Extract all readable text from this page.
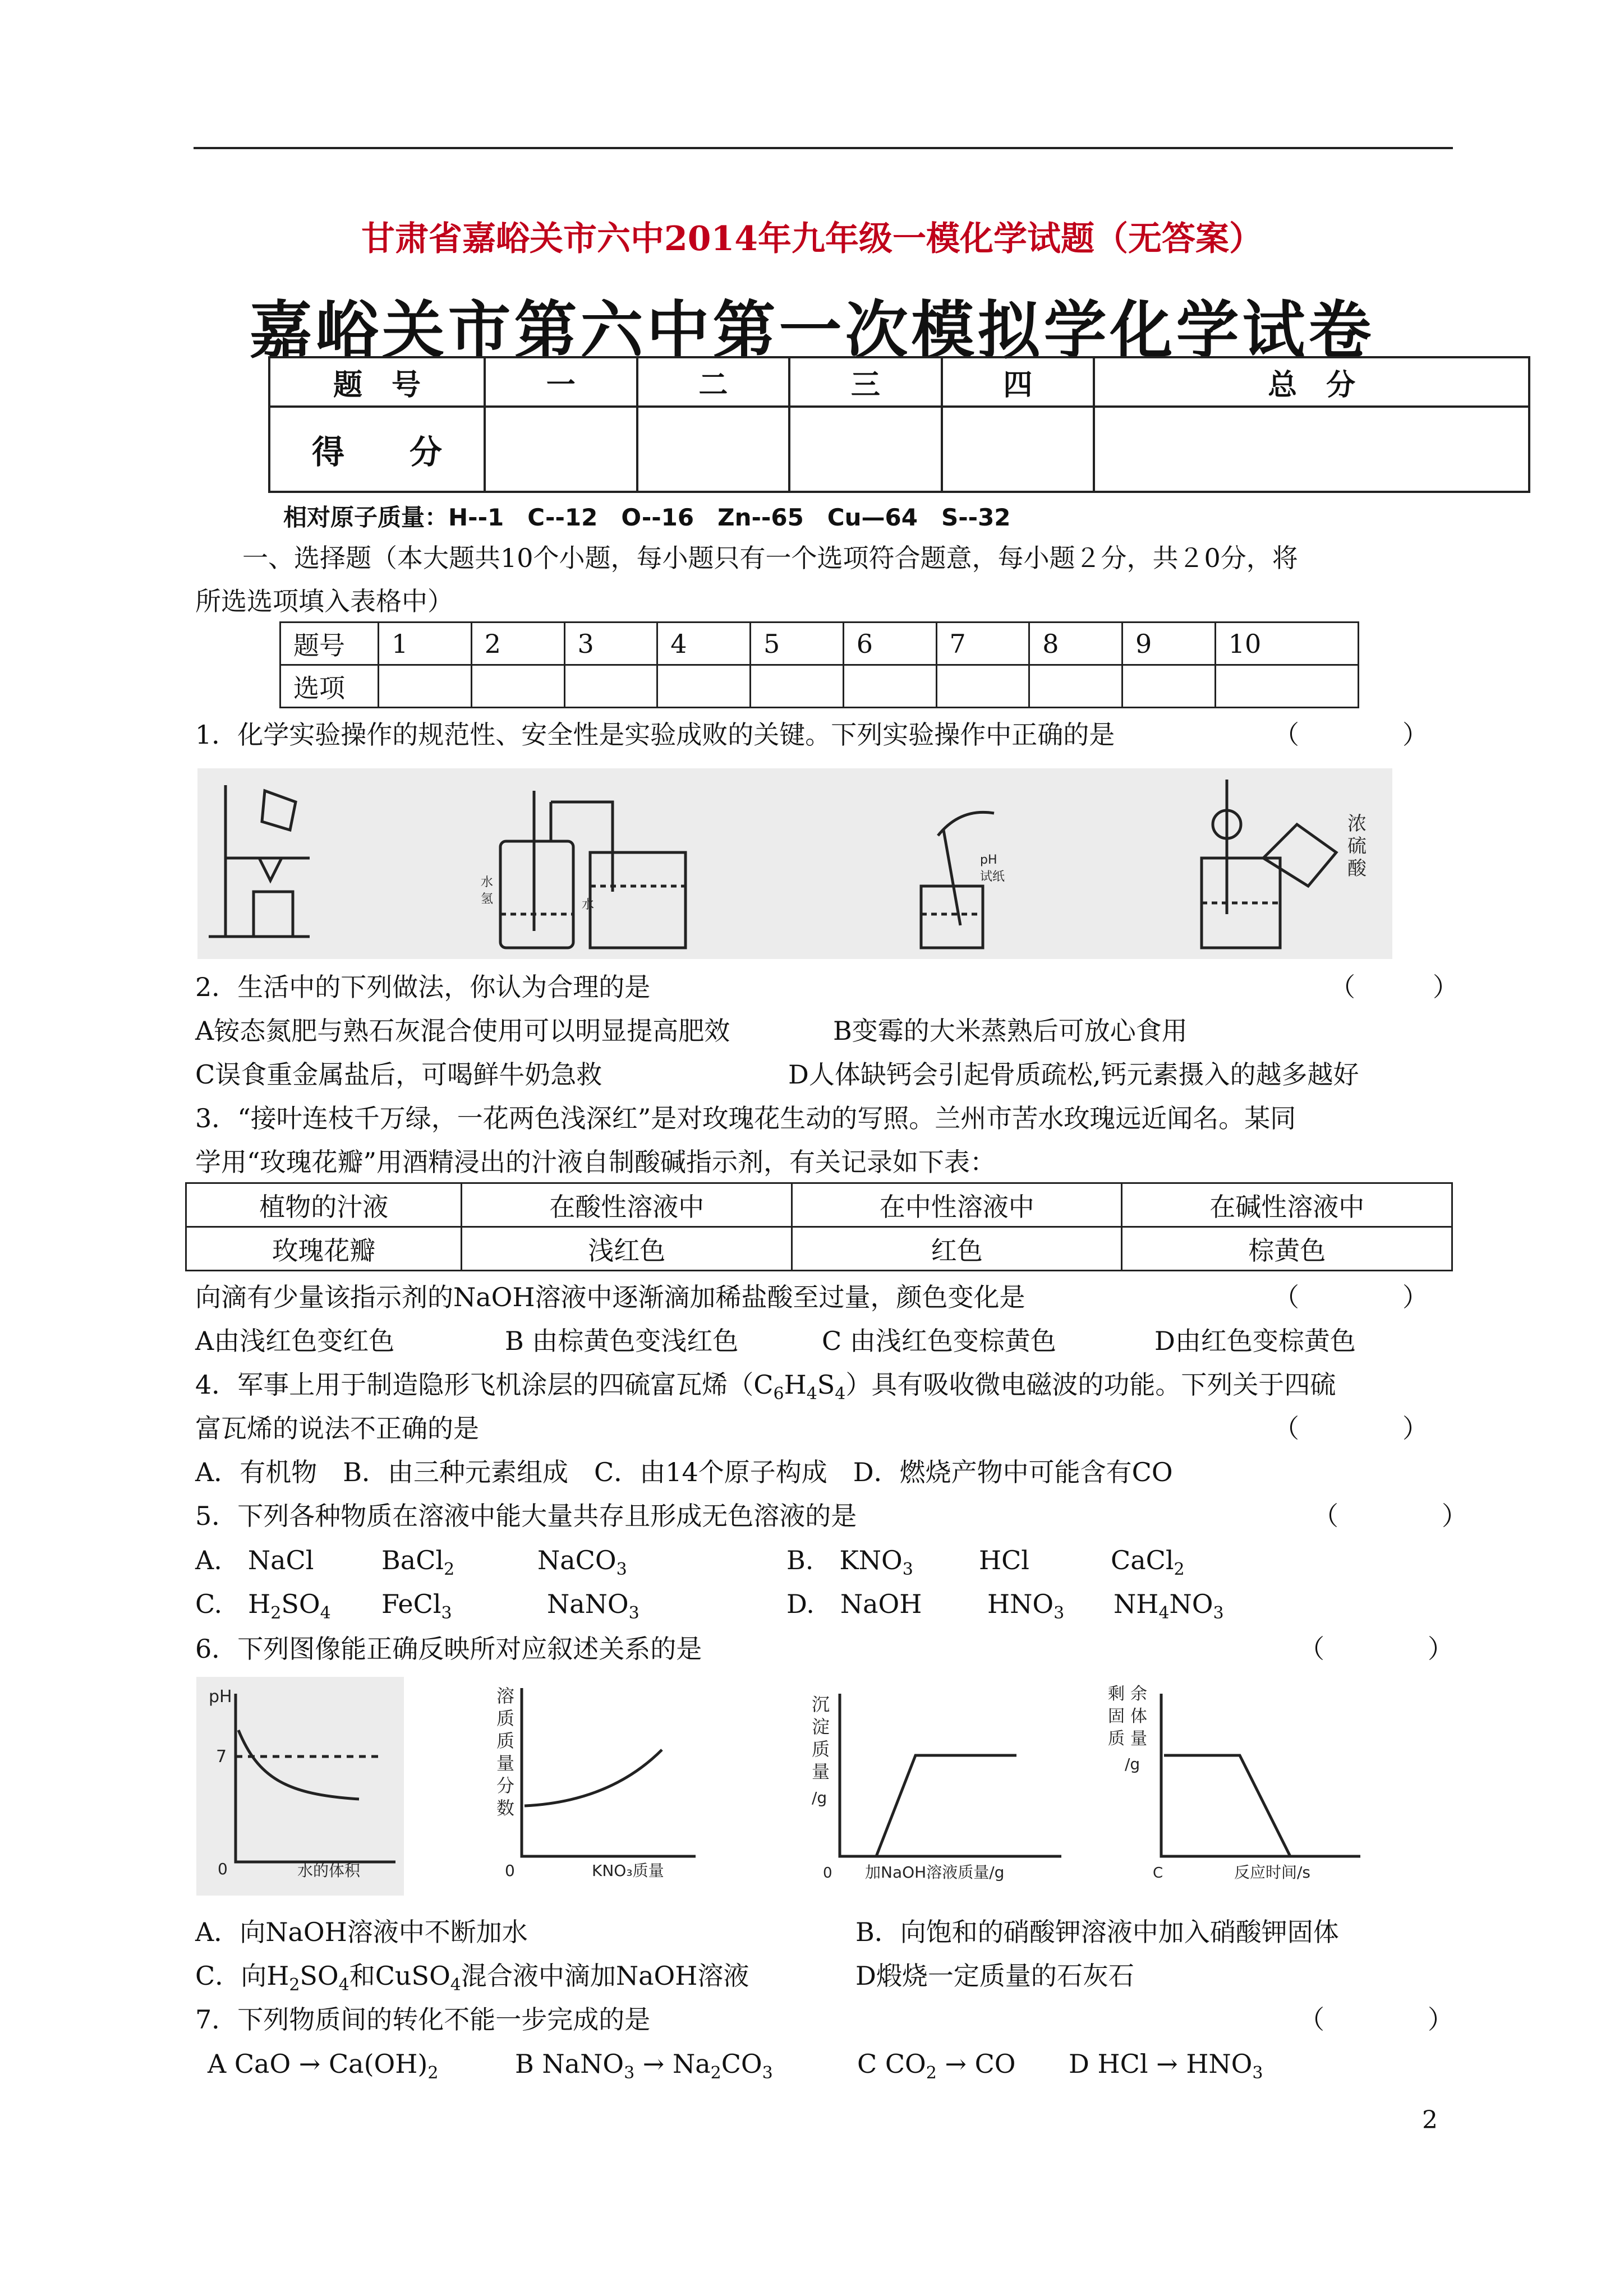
甘肃省嘉峪关市六中2014年九年级一模化学试题（无答案）
嘉峪关市第六中第一次模拟学化学试卷
题　号	一	二	三	四	总　分
得　　分					
相对原子质量：H--1　C--12　O--16　Zn--65　Cu—64　S--32
一、选择题（本大题共10个小题，每小题只有一个选项符合题意，每小题２分，共２0分，将
所选选项填入表格中）
题号	1	2	3	4	5	6	7	8	9	10
选项										
1．化学实验操作的规范性、安全性是实验成败的关键。下列实验操作中正确的是	（　　　　）
水
氢	水
pH
试纸
浓
硫
酸
2．生活中的下列做法，你认为合理的是	（　　　）
A铵态氮肥与熟石灰混合使用可以明显提高肥效	B变霉的大米蒸熟后可放心食用
C误食重金属盐后，可喝鲜牛奶急救	D人体缺钙会引起骨质疏松,钙元素摄入的越多越好
3．“接叶连枝千万绿，一花两色浅深红”是对玫瑰花生动的写照。兰州市苦水玫瑰远近闻名。某同
学用“玫瑰花瓣”用酒精浸出的汁液自制酸碱指示剂，有关记录如下表：
植物的汁液	在酸性溶液中	在中性溶液中	在碱性溶液中
玫瑰花瓣	浅红色	红色	棕黄色
向滴有少量该指示剂的NaOH溶液中逐渐滴加稀盐酸至过量，颜色变化是	（　　　　）
A由浅红色变红色	B 由棕黄色变浅红色	C 由浅红色变棕黄色	D由红色变棕黄色
4．军事上用于制造隐形飞机涂层的四硫富瓦烯$(C_6H_4S_4)$具有吸收微电磁波的功能。下列关于四硫
富瓦烯的说法不正确的是	（　　　　）
A．有机物　B．由三种元素组成　C．由14个原子构成　D．燃烧产物中可能含有CO
5．下列各种物质在溶液中能大量共存且形成无色溶液的是	（　　　　）
A.　NaCl	BaCl$_2$	NaCO$_3$	B.　$KNO_3$	HCl	CaCl$_2$
C.　$H_2SO_4$ FeCl$_3$	NaNO$_3$	D.　NaOH	$HNO_3$ $NH_4NO_3$
6．下列图像能正确反映所对应叙述关系的是	（　　　　）
pH
7
0	水的体积
溶
质
质
量
分
数
0	KNO₃质量
沉
淀
质
量
/g
0 加NaOH溶液质量/g
剩 余
固 体
质 量
/g
C	反应时间/s
A．向NaOH溶液中不断加水	B．向饱和的硝酸钾溶液中加入硝酸钾固体
C．向$H_2SO_4$和CuSO$_4$混合液中滴加NaOH溶液	D煅烧一定质量的石灰石
7．下列物质间的转化不能一步完成的是	（　　　　）
A CaO → $Ca(OH)_2$	B NaNO$_3$ → $Na_2CO_3$	C $CO_2$ → CO D HCl → $HNO_3$
2
